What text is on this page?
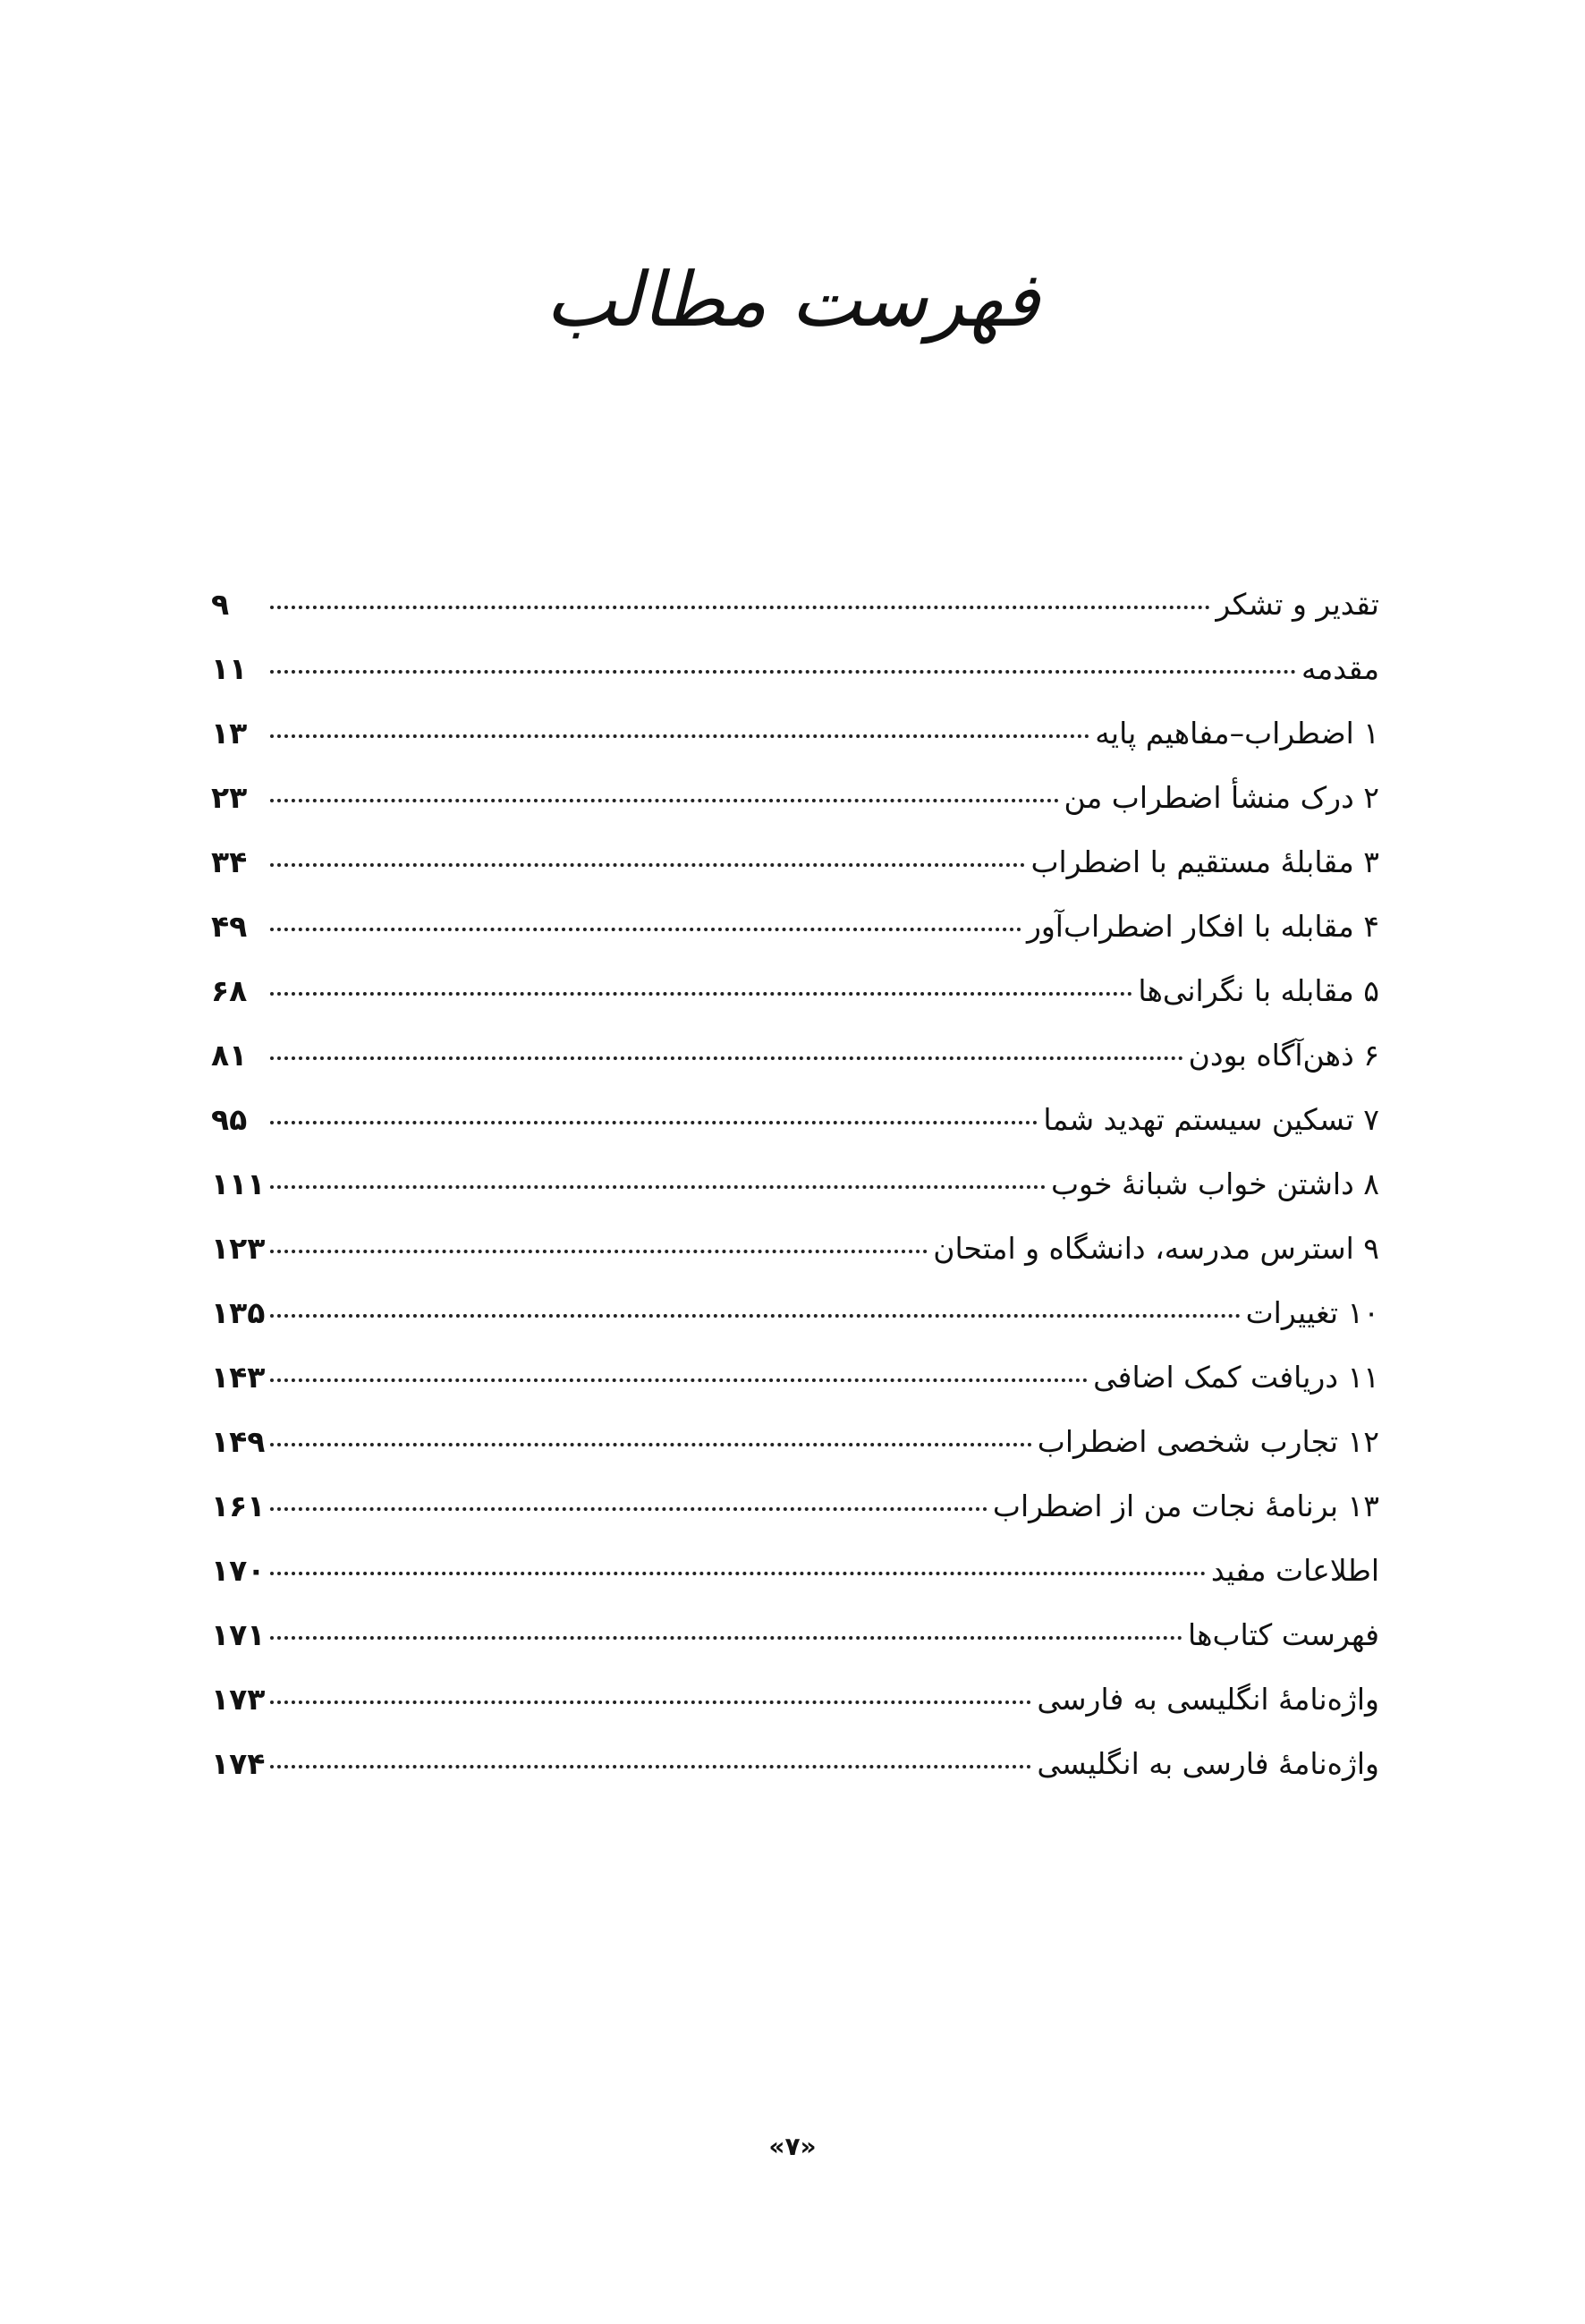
فهرست مطالب
تقدیر و تشکر
۹
مقدمه
۱۱
۱ اضطراب–مفاهیم پایه
۱۳
۲ درک منشأ اضطراب من
۲۳
۳ مقابلهٔ مستقیم با اضطراب
۳۴
۴ مقابله با افکار اضطراب‌آور
۴۹
۵ مقابله با نگرانی‌ها
۶۸
۶ ذهن‌آگاه بودن
۸۱
۷ تسکین سیستم تهدید شما
۹۵
۸ داشتن خواب شبانهٔ خوب
۱۱۱
۹ استرس مدرسه، دانشگاه و امتحان
۱۲۳
۱۰ تغییرات
۱۳۵
۱۱ دریافت کمک اضافی
۱۴۳
۱۲ تجارب شخصی اضطراب
۱۴۹
۱۳ برنامهٔ نجات من از اضطراب
۱۶۱
اطلاعات مفید
۱۷۰
فهرست کتاب‌ها
۱۷۱
واژه‌نامهٔ انگلیسی به فارسی
۱۷۳
واژه‌نامهٔ فارسی به انگلیسی
۱۷۴
«۷»
